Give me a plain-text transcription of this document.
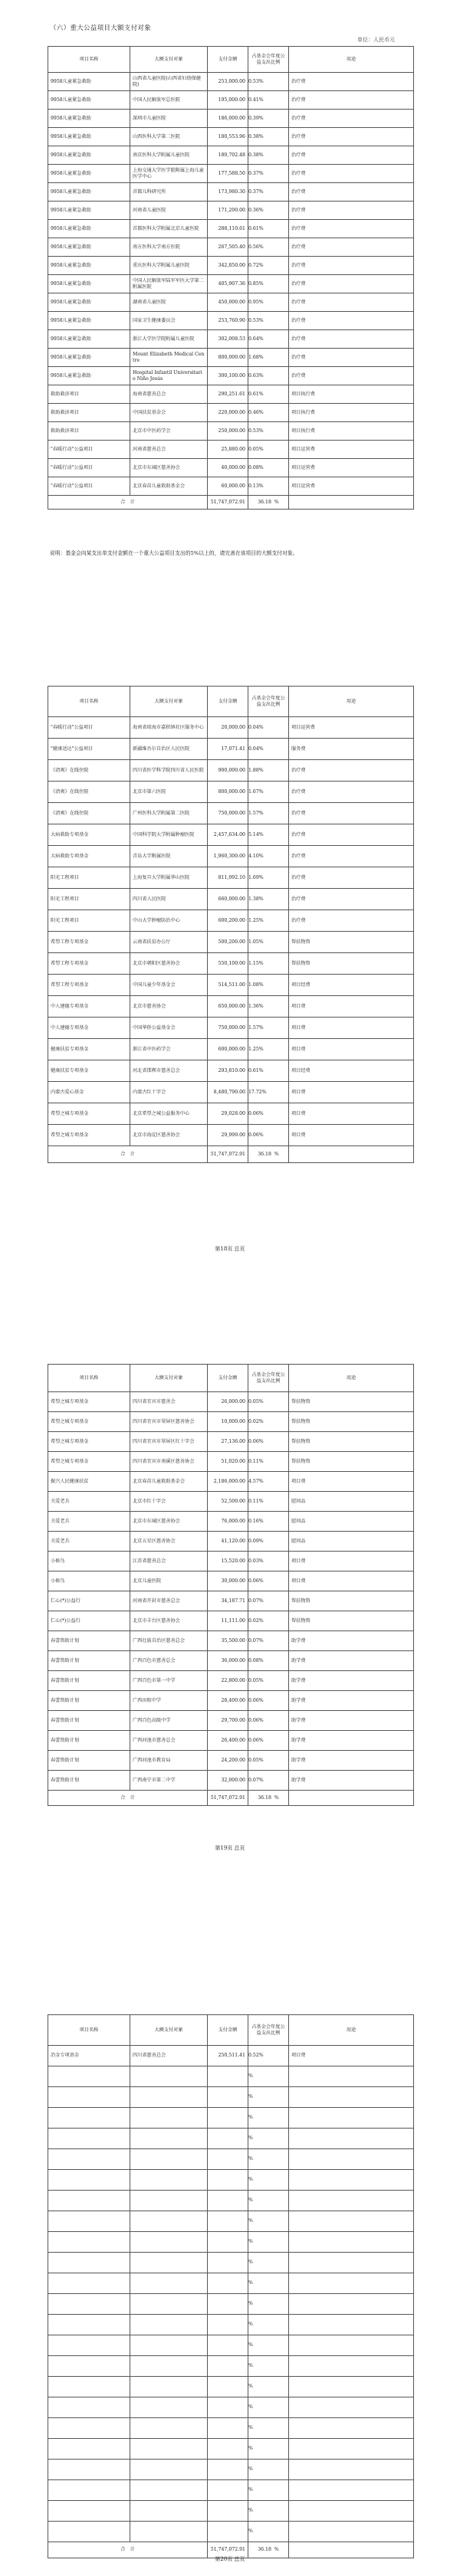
（六）重大公益项目大额支付对象
单位：人民币元
项目名称	大额支付对象	支付金额	占基金会年度公益支出比例	用途
9958儿童紧急救助	山西省儿童医院(山西省妇幼保健院)	253,000.00	0.53%	治疗费
9958儿童紧急救助	中国人民解放军总医院	195,000.00	0.41%	治疗费
9958儿童紧急救助	深圳市儿童医院	186,000.00	0.39%	治疗费
9958儿童紧急救助	山西医科大学第二医院	180,553.96	0.38%	治疗费
9958儿童紧急救助	南京医科大学附属儿童医院	180,702.48	0.38%	治疗费
9958儿童紧急救助	上海交通大学医学院附属上海儿童医学中心	177,588.50	0.37%	治疗费
9958儿童紧急救助	首都儿科研究所	173,980.30	0.37%	治疗费
9958儿童紧急救助	河南省儿童医院	171,200.00	0.36%	治疗费
9958儿童紧急救助	首都医科大学附属北京儿童医院	288,110.61	0.61%	治疗费
9958儿童紧急救助	南方医科大学南方医院	267,505.40	0.56%	治疗费
9958儿童紧急救助	重庆医科大学附属儿童医院	342,850.00	0.72%	治疗费
9958儿童紧急救助	中国人民解放军陆军军医大学第二附属医院	405,907.36	0.85%	治疗费
9958儿童紧急救助	湖南省儿童医院	450,000.00	0.95%	治疗费
9958儿童紧急救助	国家卫生健康委员会	253,760.90	0.53%	治疗费
9958儿童紧急救助	浙江大学医学院附属儿童医院	302,008.53	0.64%	治疗费
9958儿童紧急救助	Mount Elizabeth Medical Centre	800,000.00	1.68%	治疗费
9958儿童紧急救助	Hospital Infantil Universitario Niño Jesús	300,100.00	0.63%	治疗费
救助救济项目	海南省慈善总会	290,251.61	0.61%	项目执行费
救助救济项目	中国扶贫基金会	220,000.00	0.46%	项目执行费
救助救济项目	北京市中医药学会	250,000.00	0.53%	项目执行费
"春暖行动"公益项目	河南省慈善总会	25,880.00	0.05%	项目运营费
"春暖行动"公益项目	北京市东城区慈善协会	40,000.00	0.08%	项目运营费
"春暖行动"公益项目	北京春苗儿童救助基金会	60,000.00	0.13%	项目运营费
合　计		51,747,072.91	36.18 %	
说明：基金会向某支出单支付金额在一个重大公益项目支出的5%以上的，请完善在该项目的大额支付对象。
项目名称	大额支付对象	支付金额	占基金会年度公益支出比例	用途
"春暖行动"公益项目	海南省琼海市嘉积镇社区服务中心	20,000.00	0.04%	项目运营费
"健康送达"公益项目	新疆维吾尔自治区人民医院	17,071.41	0.04%	服务费
《清爽》在线住院	四川省医学科学院四川省人民医院	900,000.00	1.88%	治疗费
《清爽》在线住院	北京市第六医院	800,000.00	1.67%	治疗费
《清爽》在线住院	广州医科大学附属第二医院	750,000.00	1.57%	治疗费
大病救助专项基金	中国科学院大学附属肿瘤医院	2,457,634.00	5.14%	治疗费
大病救助专项基金	青岛大学附属医院	1,960,300.00	4.10%	治疗费
阳光工程项目	上海复旦大学附属华山医院	811,092.10	1.69%	治疗费
阳光工程项目	四川省人民医院	660,000.00	1.38%	治疗费
阳光工程项目	中山大学肿瘤防治中心	600,200.00	1.25%	治疗费
希望工程专项基金	云南省扶贫办公厅	500,200.00	1.05%	帮扶物资
希望工程专项基金	北京市朝阳区慈善协会	550,100.00	1.15%	帮扶物资
希望工程专项基金	中国儿童少年基金会	514,511.00	1.08%	项目经费
中人建德专项基金	北京市慈善协会	650,000.00	1.36%	项目费
中人建德专项基金	中国华侨公益基金会	750,000.00	1.57%	项目费
健康扶贫专项基金	浙江省中医药学会	600,000.00	1.25%	项目费
健康扶贫专项基金	河北省邯郸市慈善总会	293,810.00	0.61%	项目经费
内蒙古爱心基金	内蒙古红十字会	8,480,790.00	17.72%	项目费
希望之城专项基金	北京希望之城公益服务中心	29,028.00	0.06%	项目费
希望之城专项基金	北京市海淀区慈善协会	29,999.00	0.06%	项目费
合　计		51,747,072.91	36.18 %	
第18页 总页
项目名称	大额支付对象	支付金额	占基金会年度公益支出比例	用途
希望之城专项基金	四川省宜宾市慈善会	26,000.00	0.05%	帮扶物资
希望之城专项基金	四川省宜宾市翠屏区慈善协会	10,000.00	0.02%	帮扶物资
希望之城专项基金	四川省宜宾市翠屏区红十字会	27,136.00	0.06%	帮扶物资
希望之城专项基金	四川省宜宾市南溪区慈善协会	51,020.00	0.11%	帮扶物资
振兴人民健康扶贫	北京春苗儿童救助基金会	2,186,000.00	4.57%	项目费
关爱老兵	北京市红十字会	52,500.00	0.11%	慰问品
关爱老兵	北京市东城区慈善协会	76,000.00	0.16%	慰问品
关爱老兵	北京五星区慈善协会	41,120.00	0.09%	慰问品
小候鸟	江苏省慈善总会	15,520.00	0.03%	项目费
小候鸟	北京儿童医院	30,000.00	0.06%	项目费
仁心(*)公益行	河南省开封市慈善总会	34,187.71	0.07%	帮扶物资
仁心(*)公益行	北京市丰台区慈善协会	11,111.00	0.02%	帮扶物资
春蕾资助计划	广西壮族自治区慈善总会	35,500.00	0.07%	助学费
春蕾资助计划	广西百色市慈善总会	36,000.00	0.08%	助学费
春蕾资助计划	广西百色市第一中学	22,800.00	0.05%	助学费
春蕾资助计划	广西田阳中学	28,400.00	0.06%	助学费
春蕾资助计划	广西百色高级中学	29,700.00	0.06%	助学费
春蕾资助计划	广西河池市慈善总会	26,400.00	0.06%	助学费
春蕾资助计划	广西河池市教育局	24,200.00	0.05%	助学费
春蕾资助计划	广西南宁市第二中学	32,000.00	0.07%	助学费
合　计		51,747,072.91	36.18 %	
第19页 总页
项目名称	大额支付对象	支付金额	占基金会年度公益支出比例	用途
冶金专项基金	四川省慈善总会	250,511.41	0.52%	项目费
			%	
			%	
			%	
			%	
			%	
			%	
			%	
			%	
			%	
			%	
			%	
			%	
			%	
			%	
			%	
			%	
			%	
			%	
			%	
			%	
			%	
			%	
			%	
合　计		51,747,072.91	36.18 %	
第20页 总页
